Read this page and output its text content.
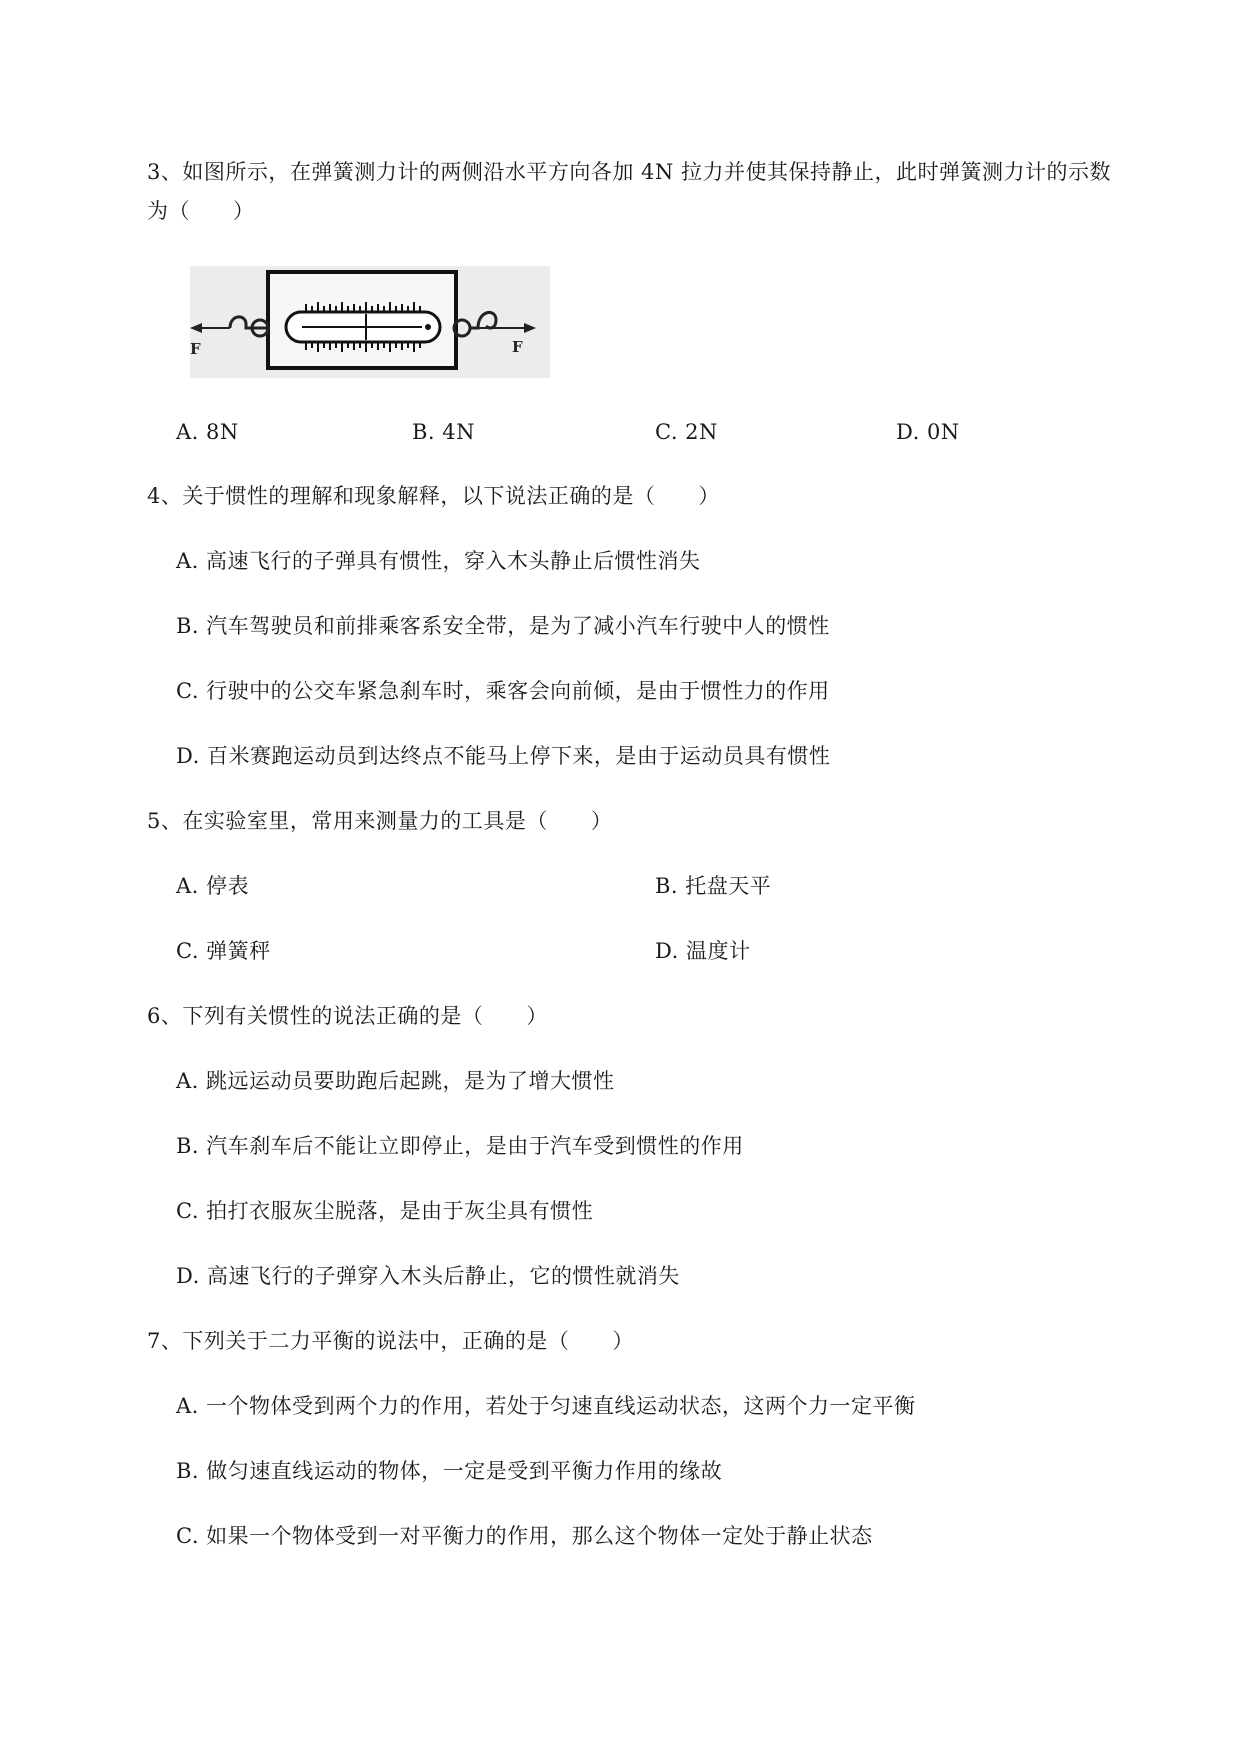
3、如图所示，在弹簧测力计的两侧沿水平方向各加 4N 拉力并使其保持静止，此时弹簧测力计的示数
为（　　）
F	F
A. 8N	B. 4N	C. 2N	D. 0N
4、关于惯性的理解和现象解释，以下说法正确的是（　　）
A. 高速飞行的子弹具有惯性，穿入木头静止后惯性消失
B. 汽车驾驶员和前排乘客系安全带，是为了减小汽车行驶中人的惯性
C. 行驶中的公交车紧急刹车时，乘客会向前倾，是由于惯性力的作用
D. 百米赛跑运动员到达终点不能马上停下来，是由于运动员具有惯性
5、在实验室里，常用来测量力的工具是（　　）
A. 停表	B. 托盘天平
C. 弹簧秤	D. 温度计
6、下列有关惯性的说法正确的是（　　）
A. 跳远运动员要助跑后起跳，是为了增大惯性
B. 汽车刹车后不能让立即停止，是由于汽车受到惯性的作用
C. 拍打衣服灰尘脱落，是由于灰尘具有惯性
D. 高速飞行的子弹穿入木头后静止，它的惯性就消失
7、下列关于二力平衡的说法中，正确的是（　　）
A. 一个物体受到两个力的作用，若处于匀速直线运动状态，这两个力一定平衡
B. 做匀速直线运动的物体，一定是受到平衡力作用的缘故
C. 如果一个物体受到一对平衡力的作用，那么这个物体一定处于静止状态
